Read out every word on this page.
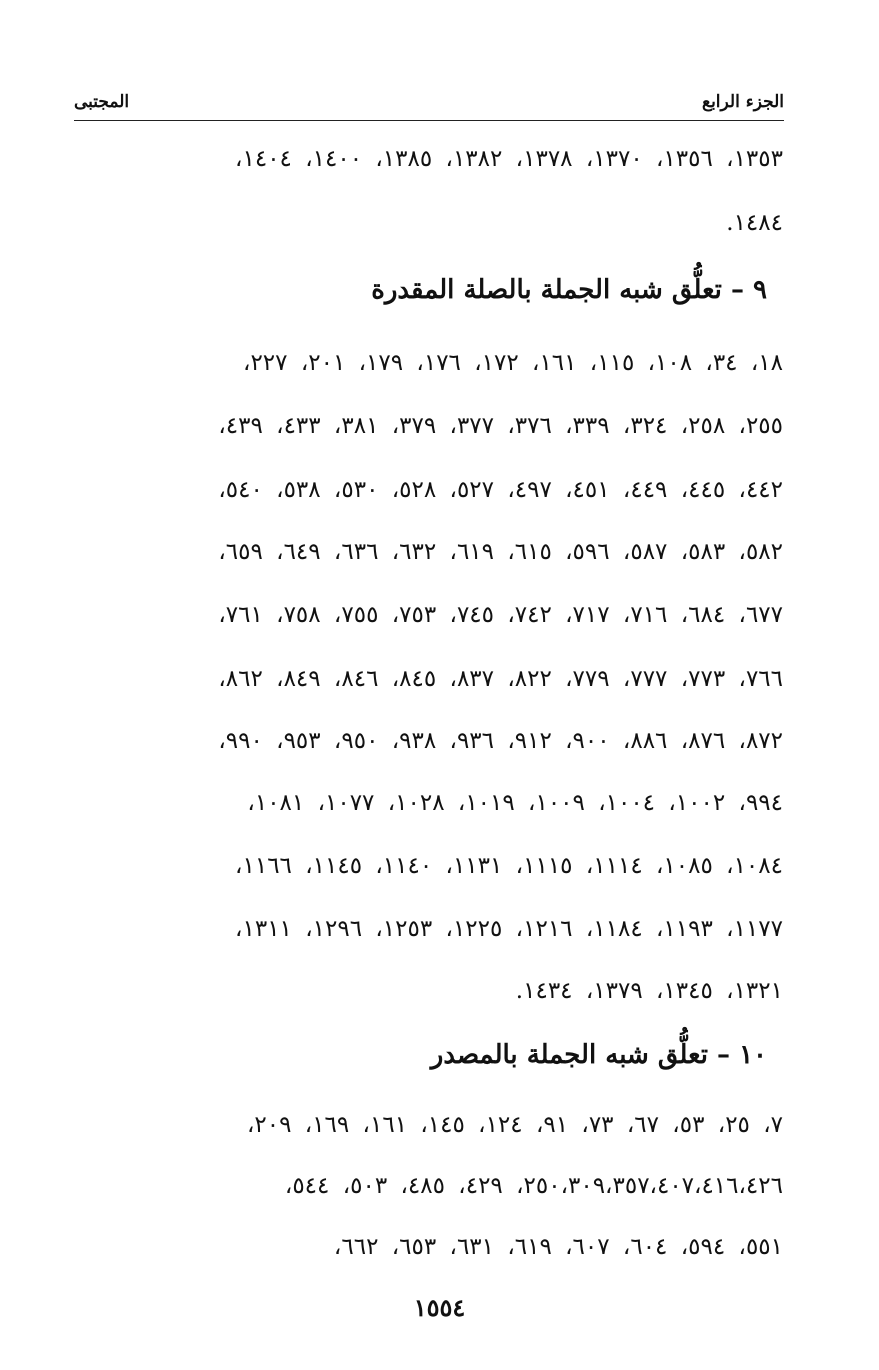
الجزء الرابع
المجتبى
١٣٥٣، ١٣٥٦، ١٣٧٠، ١٣٧٨، ١٣٨٢، ١٣٨٥، ١٤٠٠، ١٤٠٤،
١٤٨٤.
٩ – تعلُّق شبه الجملة بالصلة المقدرة
١٨، ٣٤، ١٠٨، ١١٥، ١٦١، ١٧٢، ١٧٦، ١٧٩، ٢٠١، ٢٢٧،
٢٥٥، ٢٥٨، ٣٢٤، ٣٣٩، ٣٧٦، ٣٧٧، ٣٧٩، ٣٨١، ٤٣٣، ٤٣٩،
٤٤٢، ٤٤٥، ٤٤٩، ٤٥١، ٤٩٧، ٥٢٧، ٥٢٨، ٥٣٠، ٥٣٨، ٥٤٠،
٥٨٢، ٥٨٣، ٥٨٧، ٥٩٦، ٦١٥، ٦١٩، ٦٣٢، ٦٣٦، ٦٤٩، ٦٥٩،
٦٧٧، ٦٨٤، ٧١٦، ٧١٧، ٧٤٢، ٧٤٥، ٧٥٣، ٧٥٥، ٧٥٨، ٧٦١،
٧٦٦، ٧٧٣، ٧٧٧، ٧٧٩، ٨٢٢، ٨٣٧، ٨٤٥، ٨٤٦، ٨٤٩، ٨٦٢،
٨٧٢، ٨٧٦، ٨٨٦، ٩٠٠، ٩١٢، ٩٣٦، ٩٣٨، ٩٥٠، ٩٥٣، ٩٩٠،
٩٩٤، ١٠٠٢، ١٠٠٤، ١٠٠٩، ١٠١٩، ١٠٢٨، ١٠٧٧، ١٠٨١،
١٠٨٤، ١٠٨٥، ١١١٤، ١١١٥، ١١٣١، ١١٤٠، ١١٤٥، ١١٦٦،
١١٧٧، ١١٩٣، ١١٨٤، ١٢١٦، ١٢٢٥، ١٢٥٣، ١٢٩٦، ١٣١١،
١٣٢١، ١٣٤٥، ١٣٧٩، ١٤٣٤.
١٠ – تعلُّق شبه الجملة بالمصدر
٧، ٢٥، ٥٣، ٦٧، ٧٣، ٩١، ١٢٤، ١٤٥، ١٦١، ١٦٩، ٢٠٩،
٢٥٠،٣٠٩،٣٥٧،٤٠٧،٤١٦،٤٢٦، ٤٢٩، ٤٨٥، ٥٠٣، ٥٤٤،
٥٥١، ٥٩٤، ٦٠٤، ٦٠٧، ٦١٩، ٦٣١، ٦٥٣، ٦٦٢،
١٥٥٤
